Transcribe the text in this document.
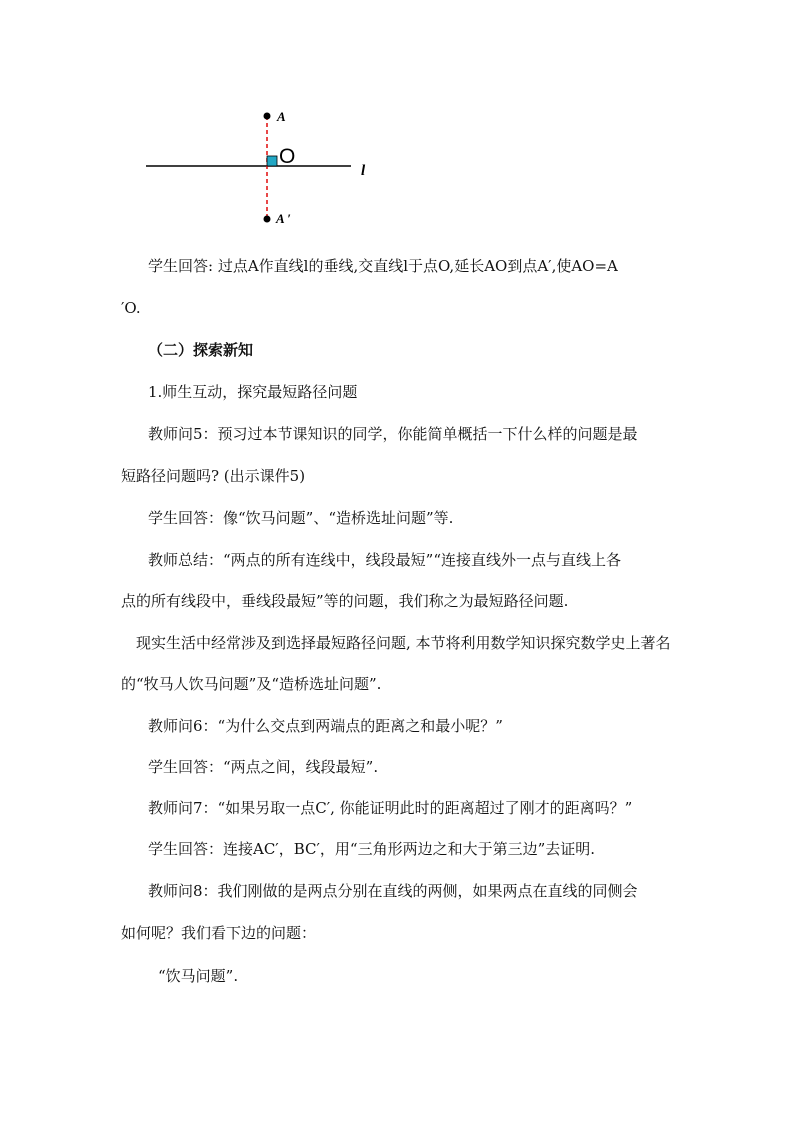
A
O
l
A ′
学生回答: 过点A作直线l的垂线,交直线l于点O,延长AO到点A′,使AO=A
′O.
（二）探索新知
1.师生互动，探究最短路径问题
教师问5：预习过本节课知识的同学，你能简单概括一下什么样的问题是最
短路径问题吗? (出示课件5)
学生回答：像“饮马问题”、“造桥选址问题”等.
教师总结：“两点的所有连线中，线段最短”“连接直线外一点与直线上各
点的所有线段中，垂线段最短”等的问题，我们称之为最短路径问题.
现实生活中经常涉及到选择最短路径问题, 本节将利用数学知识探究数学史上著名
的“牧马人饮马问题”及“造桥选址问题”.
教师问6：“为什么交点到两端点的距离之和最小呢？”
学生回答：“两点之间，线段最短”.
教师问7：“如果另取一点C′, 你能证明此时的距离超过了刚才的距离吗？”
学生回答：连接AC′，BC′，用“三角形两边之和大于第三边”去证明.
教师问8：我们刚做的是两点分别在直线的两侧，如果两点在直线的同侧会
如何呢？我们看下边的问题：
“饮马问题”.
